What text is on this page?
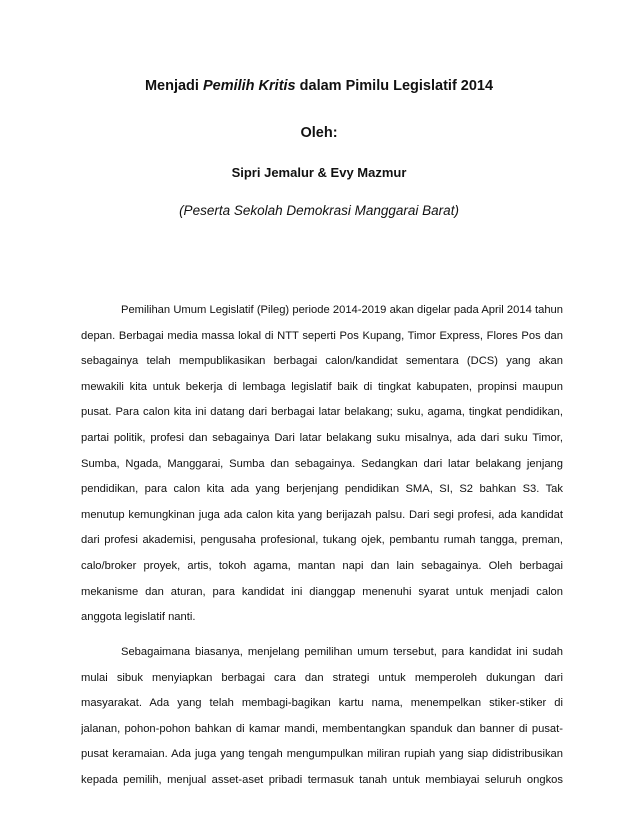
Menjadi Pemilih Kritis dalam Pimilu Legislatif 2014
Oleh:
Sipri Jemalur & Evy Mazmur
(Peserta Sekolah Demokrasi Manggarai Barat)
Pemilihan Umum Legislatif (Pileg) periode 2014-2019 akan digelar pada April 2014 tahun
depan. Berbagai media massa lokal di NTT seperti Pos Kupang, Timor Express, Flores Pos dan
sebagainya telah mempublikasikan berbagai calon/kandidat sementara (DCS) yang akan
mewakili kita untuk bekerja di lembaga legislatif baik di tingkat kabupaten, propinsi maupun
pusat. Para calon kita ini datang dari berbagai latar belakang; suku, agama, tingkat pendidikan,
partai politik, profesi dan sebagainya Dari latar belakang suku misalnya, ada dari suku Timor,
Sumba, Ngada, Manggarai, Sumba dan sebagainya. Sedangkan dari latar belakang jenjang
pendidikan, para calon kita ada yang berjenjang pendidikan SMA, SI, S2 bahkan S3. Tak
menutup kemungkinan juga ada calon kita yang berijazah palsu. Dari segi profesi, ada kandidat
dari profesi akademisi, pengusaha profesional, tukang ojek, pembantu rumah tangga, preman,
calo/broker proyek, artis, tokoh agama, mantan napi dan lain sebagainya. Oleh berbagai
mekanisme dan aturan, para kandidat ini dianggap menenuhi syarat untuk menjadi calon
anggota legislatif nanti.
Sebagaimana biasanya, menjelang pemilihan umum tersebut, para kandidat ini sudah
mulai sibuk menyiapkan berbagai cara dan strategi untuk memperoleh dukungan dari
masyarakat. Ada yang telah membagi-bagikan kartu nama, menempelkan stiker-stiker di
jalanan, pohon-pohon bahkan di kamar mandi, membentangkan spanduk dan banner di pusat-
pusat keramaian. Ada juga yang tengah mengumpulkan miliran rupiah yang siap didistribusikan
kepada pemilih, menjual asset-aset pribadi termasuk tanah untuk membiayai seluruh ongkos
